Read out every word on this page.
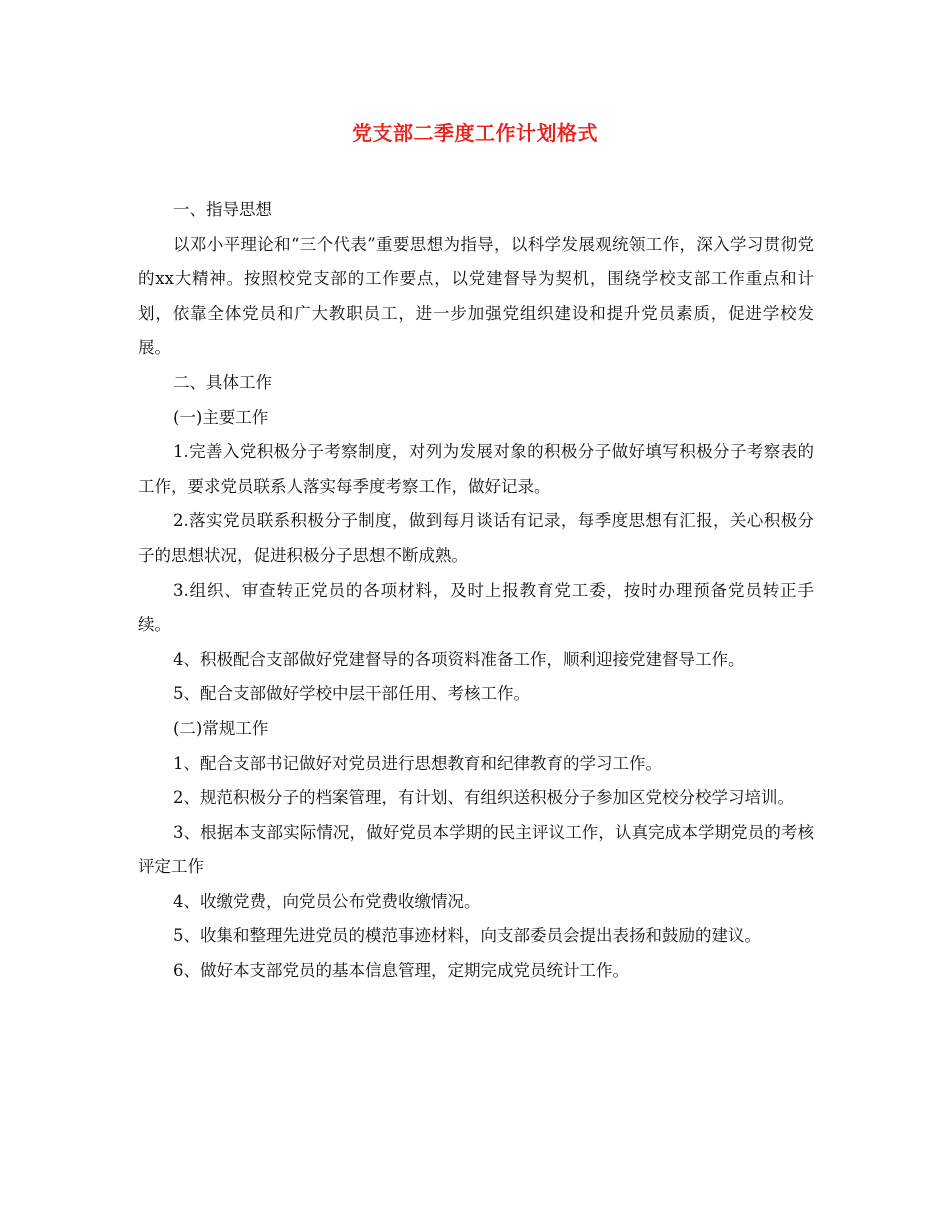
党支部二季度工作计划格式

一、指导思想

以邓小平理论和“三个代表”重要思想为指导，以科学发展观统领工作，深入学习贯彻党的xx大精神。按照校党支部的工作要点，以党建督导为契机，围绕学校支部工作重点和计划，依靠全体党员和广大教职员工，进一步加强党组织建设和提升党员素质，促进学校发展。

二、具体工作

(一)主要工作

1.完善入党积极分子考察制度，对列为发展对象的积极分子做好填写积极分子考察表的工作，要求党员联系人落实每季度考察工作，做好记录。

2.落实党员联系积极分子制度，做到每月谈话有记录，每季度思想有汇报，关心积极分子的思想状况，促进积极分子思想不断成熟。

3.组织、审查转正党员的各项材料，及时上报教育党工委，按时办理预备党员转正手续。

4、积极配合支部做好党建督导的各项资料准备工作，顺利迎接党建督导工作。

5、配合支部做好学校中层干部任用、考核工作。

(二)常规工作

1、配合支部书记做好对党员进行思想教育和纪律教育的学习工作。

2、规范积极分子的档案管理，有计划、有组织送积极分子参加区党校分校学习培训。

3、根据本支部实际情况，做好党员本学期的民主评议工作，认真完成本学期党员的考核评定工作

4、收缴党费，向党员公布党费收缴情况。

5、收集和整理先进党员的模范事迹材料，向支部委员会提出表扬和鼓励的建议。

6、做好本支部党员的基本信息管理，定期完成党员统计工作。
